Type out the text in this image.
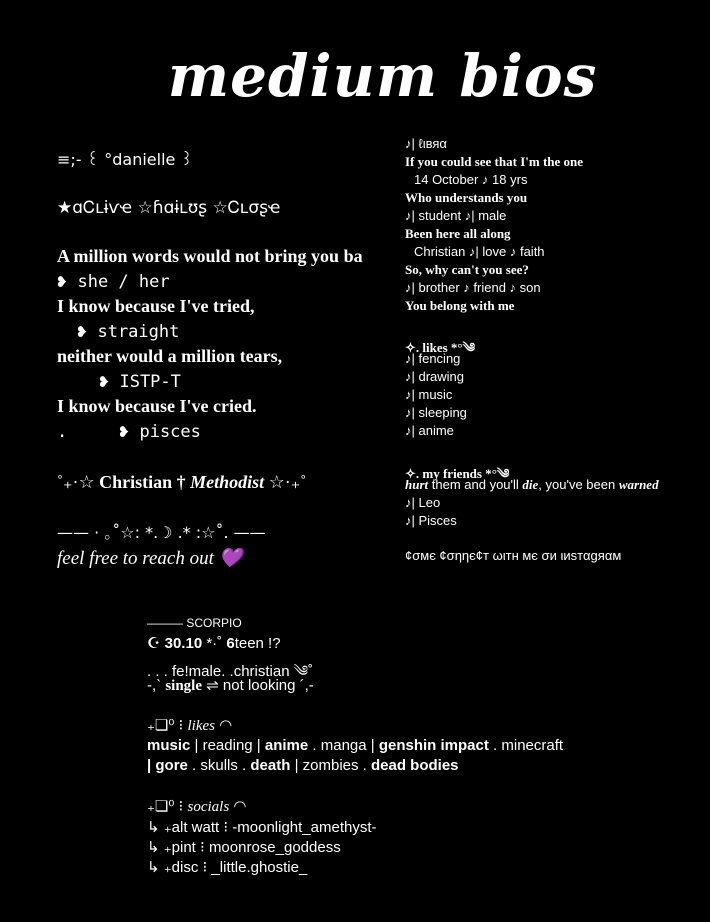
medium bios
≡;- ꒰ °danielle ꒱
★ɑᏟʟɨѵҽ ☆ɦɑɨʟʊʂ ☆Ꮯʟσʂҽ
A million words would not bring you ba
❥ she / her
I know because I've tried,
❥ straight
neither would a million tears,
❥ ISTP-T
I know because I've cried.
.	❥ pisces
˚₊·☆ Christian † Methodist ☆·₊˚
—— · ｡˚☆: *.☽ .* :☆˚. ——
feel free to reach out 💜
♪| ℓιвяα
If you could see that I'm the one
14 October ♪ 18 yrs
Who understands you
♪| student ♪| male
Been here all along
Christian ♪| love ♪ faith
So, why can't you see?
♪| brother ♪ friend ♪ son
You belong with me
✧. likes *°༄
♪| fencing
♪| drawing
♪| music
♪| sleeping
♪| anime
✧. my friends *°༄
hurt them and you'll die, you've been warned
♪| Leo
♪| Pisces
¢σмє ¢σηηє¢т ωιтн мє σи ιиѕтαgяαм
——— SCORPIO
☪ 30.10 *·˚ 6teen !?
. . . fe!male. .christian ༄˚
-,` single ⇌ not looking ´,-
₊❏⁰ ⁝ likes ◠
music | reading | anime . manga | genshin impact . minecraft
| gore . skulls . death | zombies . dead bodies
₊❏⁰ ⁝ socials ◠
↳ ₊alt watt ⁝ -moonlight_amethyst-
↳ ₊pint ⁝ moonrose_goddess
↳ ₊disc ⁝ _little.ghostie_
